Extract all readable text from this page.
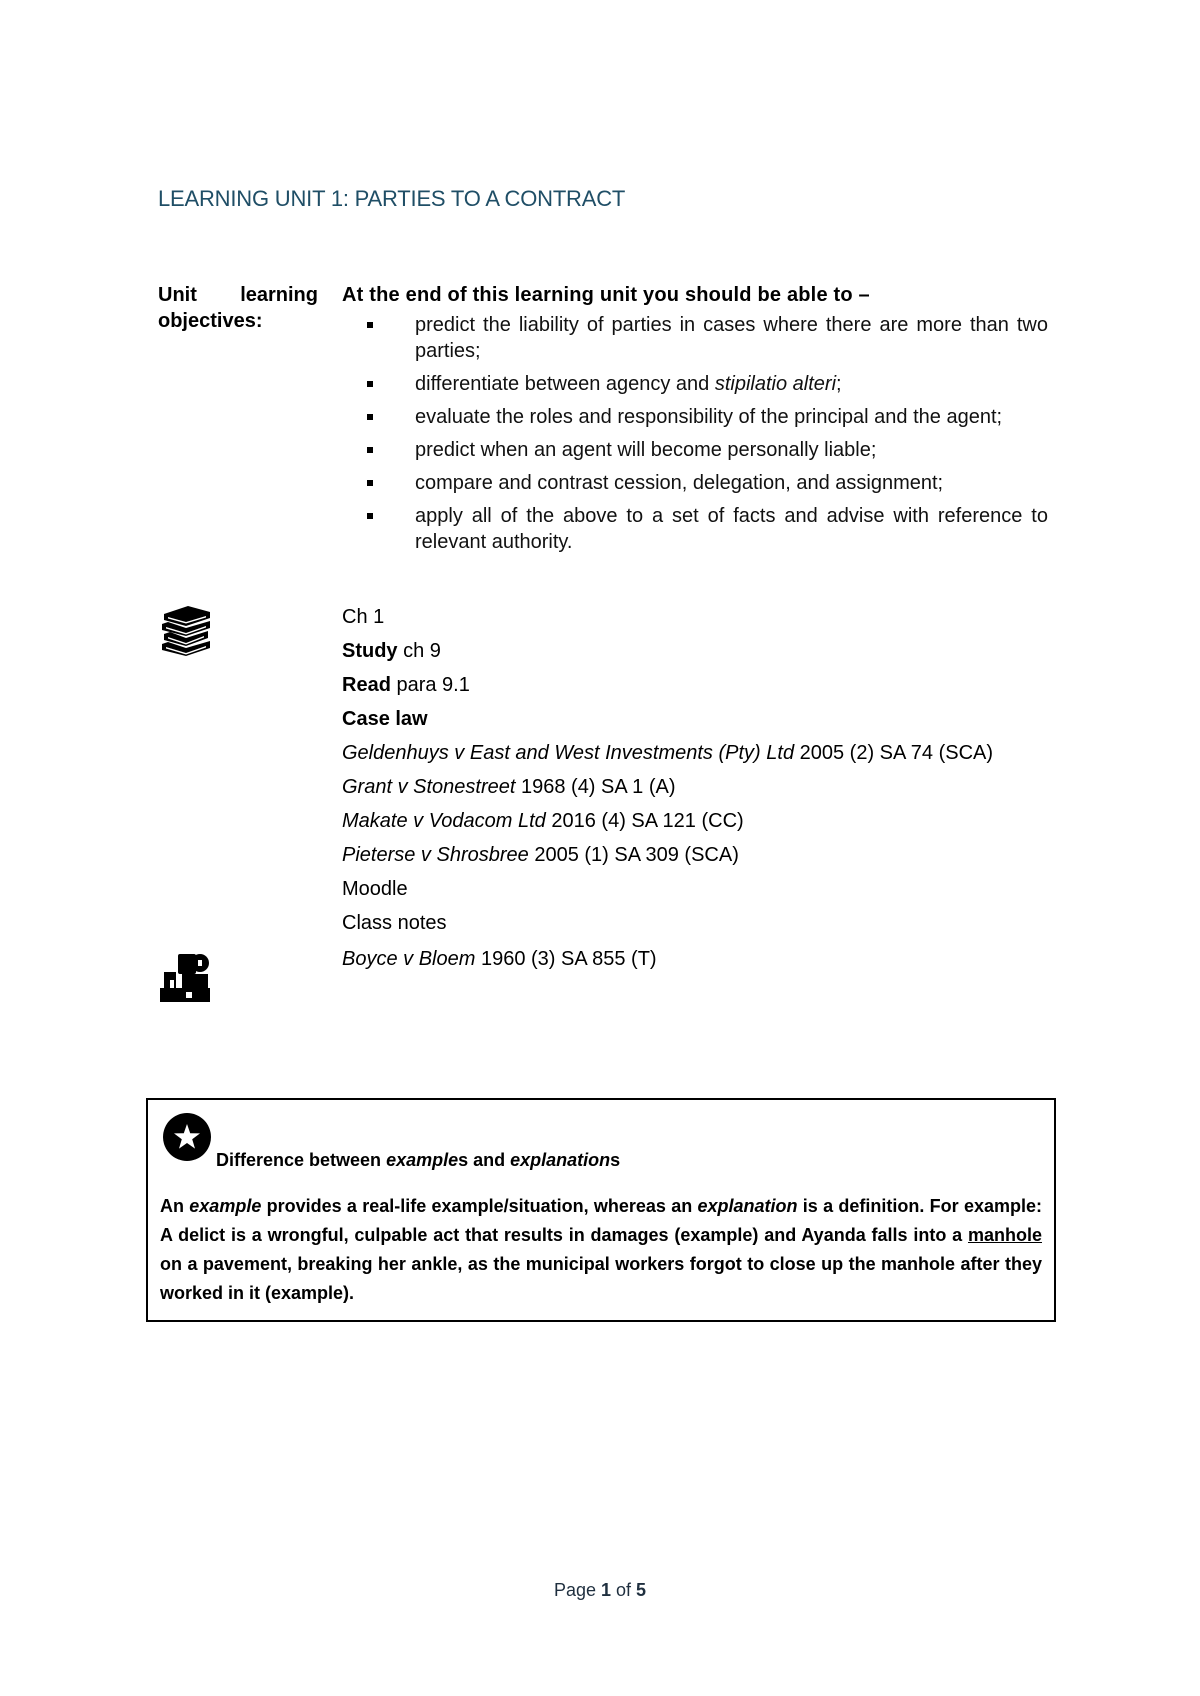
LEARNING UNIT 1: PARTIES TO A CONTRACT
Unit learning
objectives:
At the end of this learning unit you should be able to –
predict the liability of parties in cases where there are more than two parties;
differentiate between agency and stipilatio alteri;
evaluate the roles and responsibility of the principal and the agent;
predict when an agent will become personally liable;
compare and contrast cession, delegation, and assignment;
apply all of the above to a set of facts and advise with reference to relevant authority.

Ch 1

Study ch 9

Read para 9.1

Case law

Geldenhuys v East and West Investments (Pty) Ltd 2005 (2) SA 74 (SCA)

Grant v Stonestreet 1968 (4) SA 1 (A)

Makate v Vodacom Ltd 2016 (4) SA 121 (CC)

Pieterse v Shrosbree 2005 (1) SA 309 (SCA)

Moodle

Class notes

Boyce v Bloem 1960 (3) SA 855 (T)

Difference between examples and explanations
An example provides a real-life example/situation, whereas an explanation is a definition. For example: A delict is a wrongful, culpable act that results in damages (example) and Ayanda falls into a manhole on a pavement, breaking her ankle, as the municipal workers forgot to close up the manhole after they worked in it (example).
Page 1 of 5
